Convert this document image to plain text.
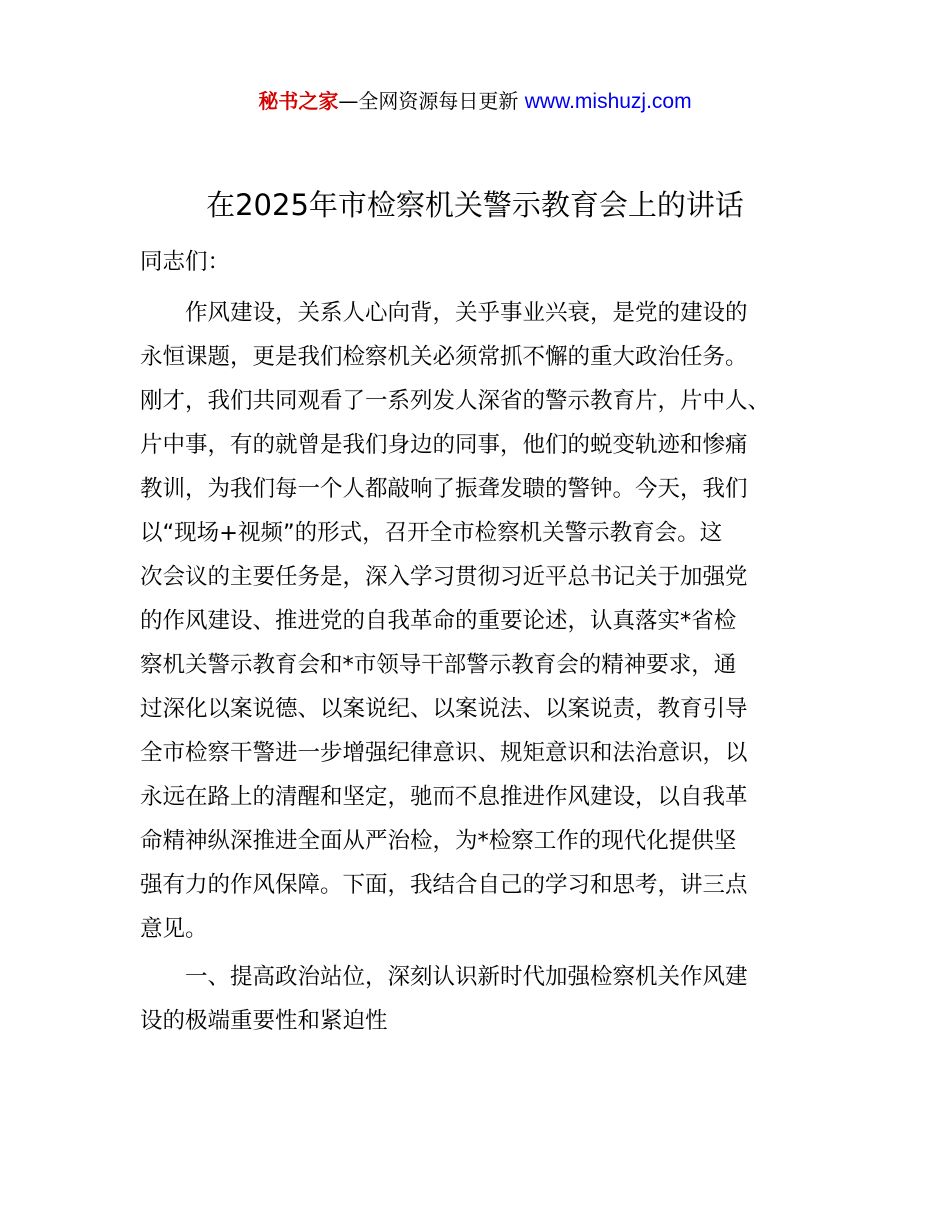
秘书之家—全网资源每日更新 www.mishuzj.com
在2025年市检察机关警示教育会上的讲话
同志们：
作风建设，关系人心向背，关乎事业兴衰，是党的建设的
永恒课题，更是我们检察机关必须常抓不懈的重大政治任务。
刚才，我们共同观看了一系列发人深省的警示教育片，片中人、
片中事，有的就曾是我们身边的同事，他们的蜕变轨迹和惨痛
教训，为我们每一个人都敲响了振聋发聩的警钟。今天，我们
以“现场+视频”的形式，召开全市检察机关警示教育会。这
次会议的主要任务是，深入学习贯彻习近平总书记关于加强党
的作风建设、推进党的自我革命的重要论述，认真落实*省检
察机关警示教育会和*市领导干部警示教育会的精神要求，通
过深化以案说德、以案说纪、以案说法、以案说责，教育引导
全市检察干警进一步增强纪律意识、规矩意识和法治意识，以
永远在路上的清醒和坚定，驰而不息推进作风建设，以自我革
命精神纵深推进全面从严治检，为*检察工作的现代化提供坚
强有力的作风保障。下面，我结合自己的学习和思考，讲三点
意见。
一、提高政治站位，深刻认识新时代加强检察机关作风建
设的极端重要性和紧迫性
